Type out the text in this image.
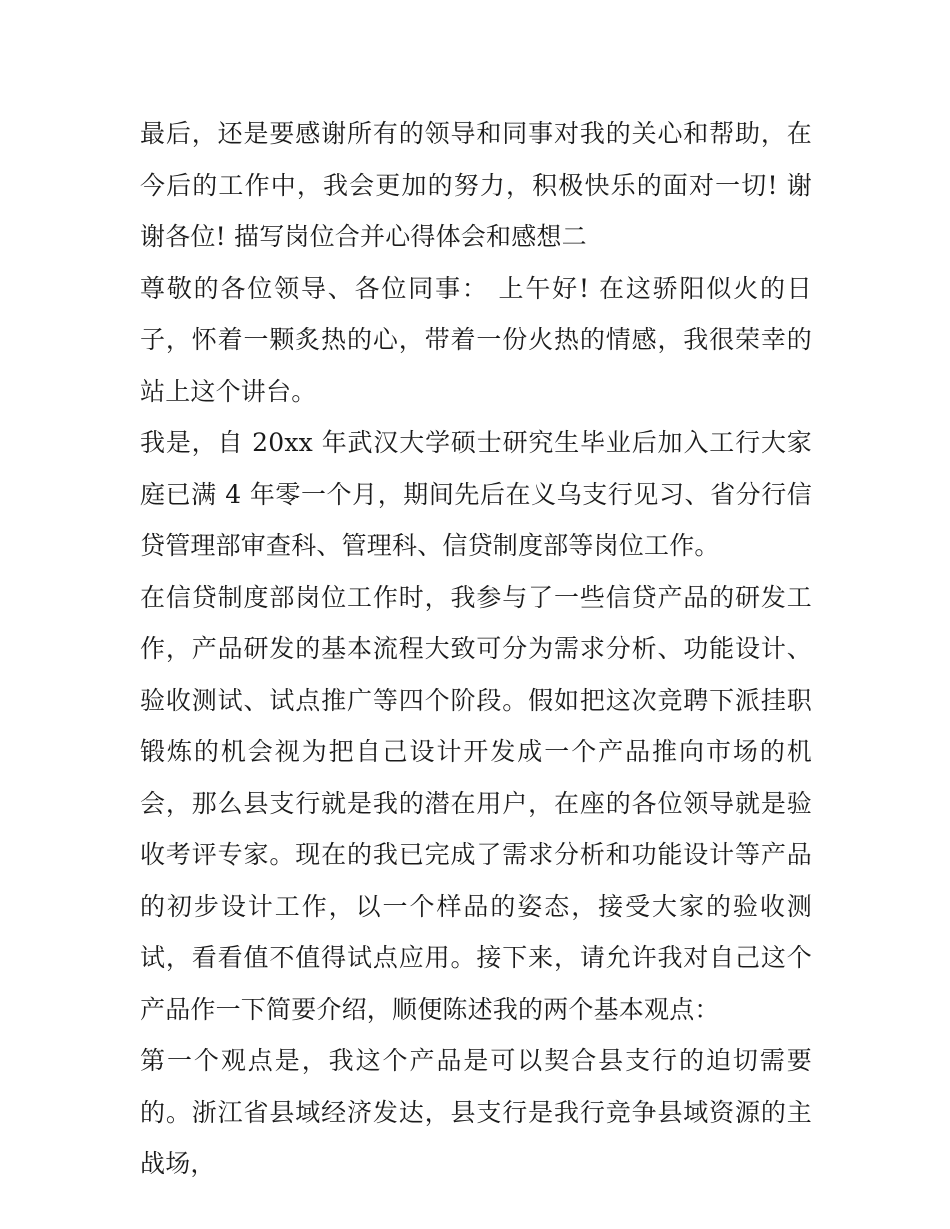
最后，还是要感谢所有的领导和同事对我的关心和帮助，在今后的工作中，我会更加的努力，积极快乐的面对一切! 谢谢各位! 描写岗位合并心得体会和感想二

尊敬的各位领导、各位同事： 上午好! 在这骄阳似火的日子，怀着一颗炙热的心，带着一份火热的情感，我很荣幸的站上这个讲台。

我是，自 20xx 年武汉大学硕士研究生毕业后加入工行大家庭已满 4 年零一个月，期间先后在义乌支行见习、省分行信贷管理部审查科、管理科、信贷制度部等岗位工作。

在信贷制度部岗位工作时，我参与了一些信贷产品的研发工作，产品研发的基本流程大致可分为需求分析、功能设计、验收测试、试点推广等四个阶段。假如把这次竞聘下派挂职锻炼的机会视为把自己设计开发成一个产品推向市场的机会，那么县支行就是我的潜在用户，在座的各位领导就是验收考评专家。现在的我已完成了需求分析和功能设计等产品的初步设计工作，以一个样品的姿态，接受大家的验收测试，看看值不值得试点应用。接下来，请允许我对自己这个产品作一下简要介绍，顺便陈述我的两个基本观点：

第一个观点是，我这个产品是可以契合县支行的迫切需要的。浙江省县域经济发达，县支行是我行竞争县域资源的主战场，
